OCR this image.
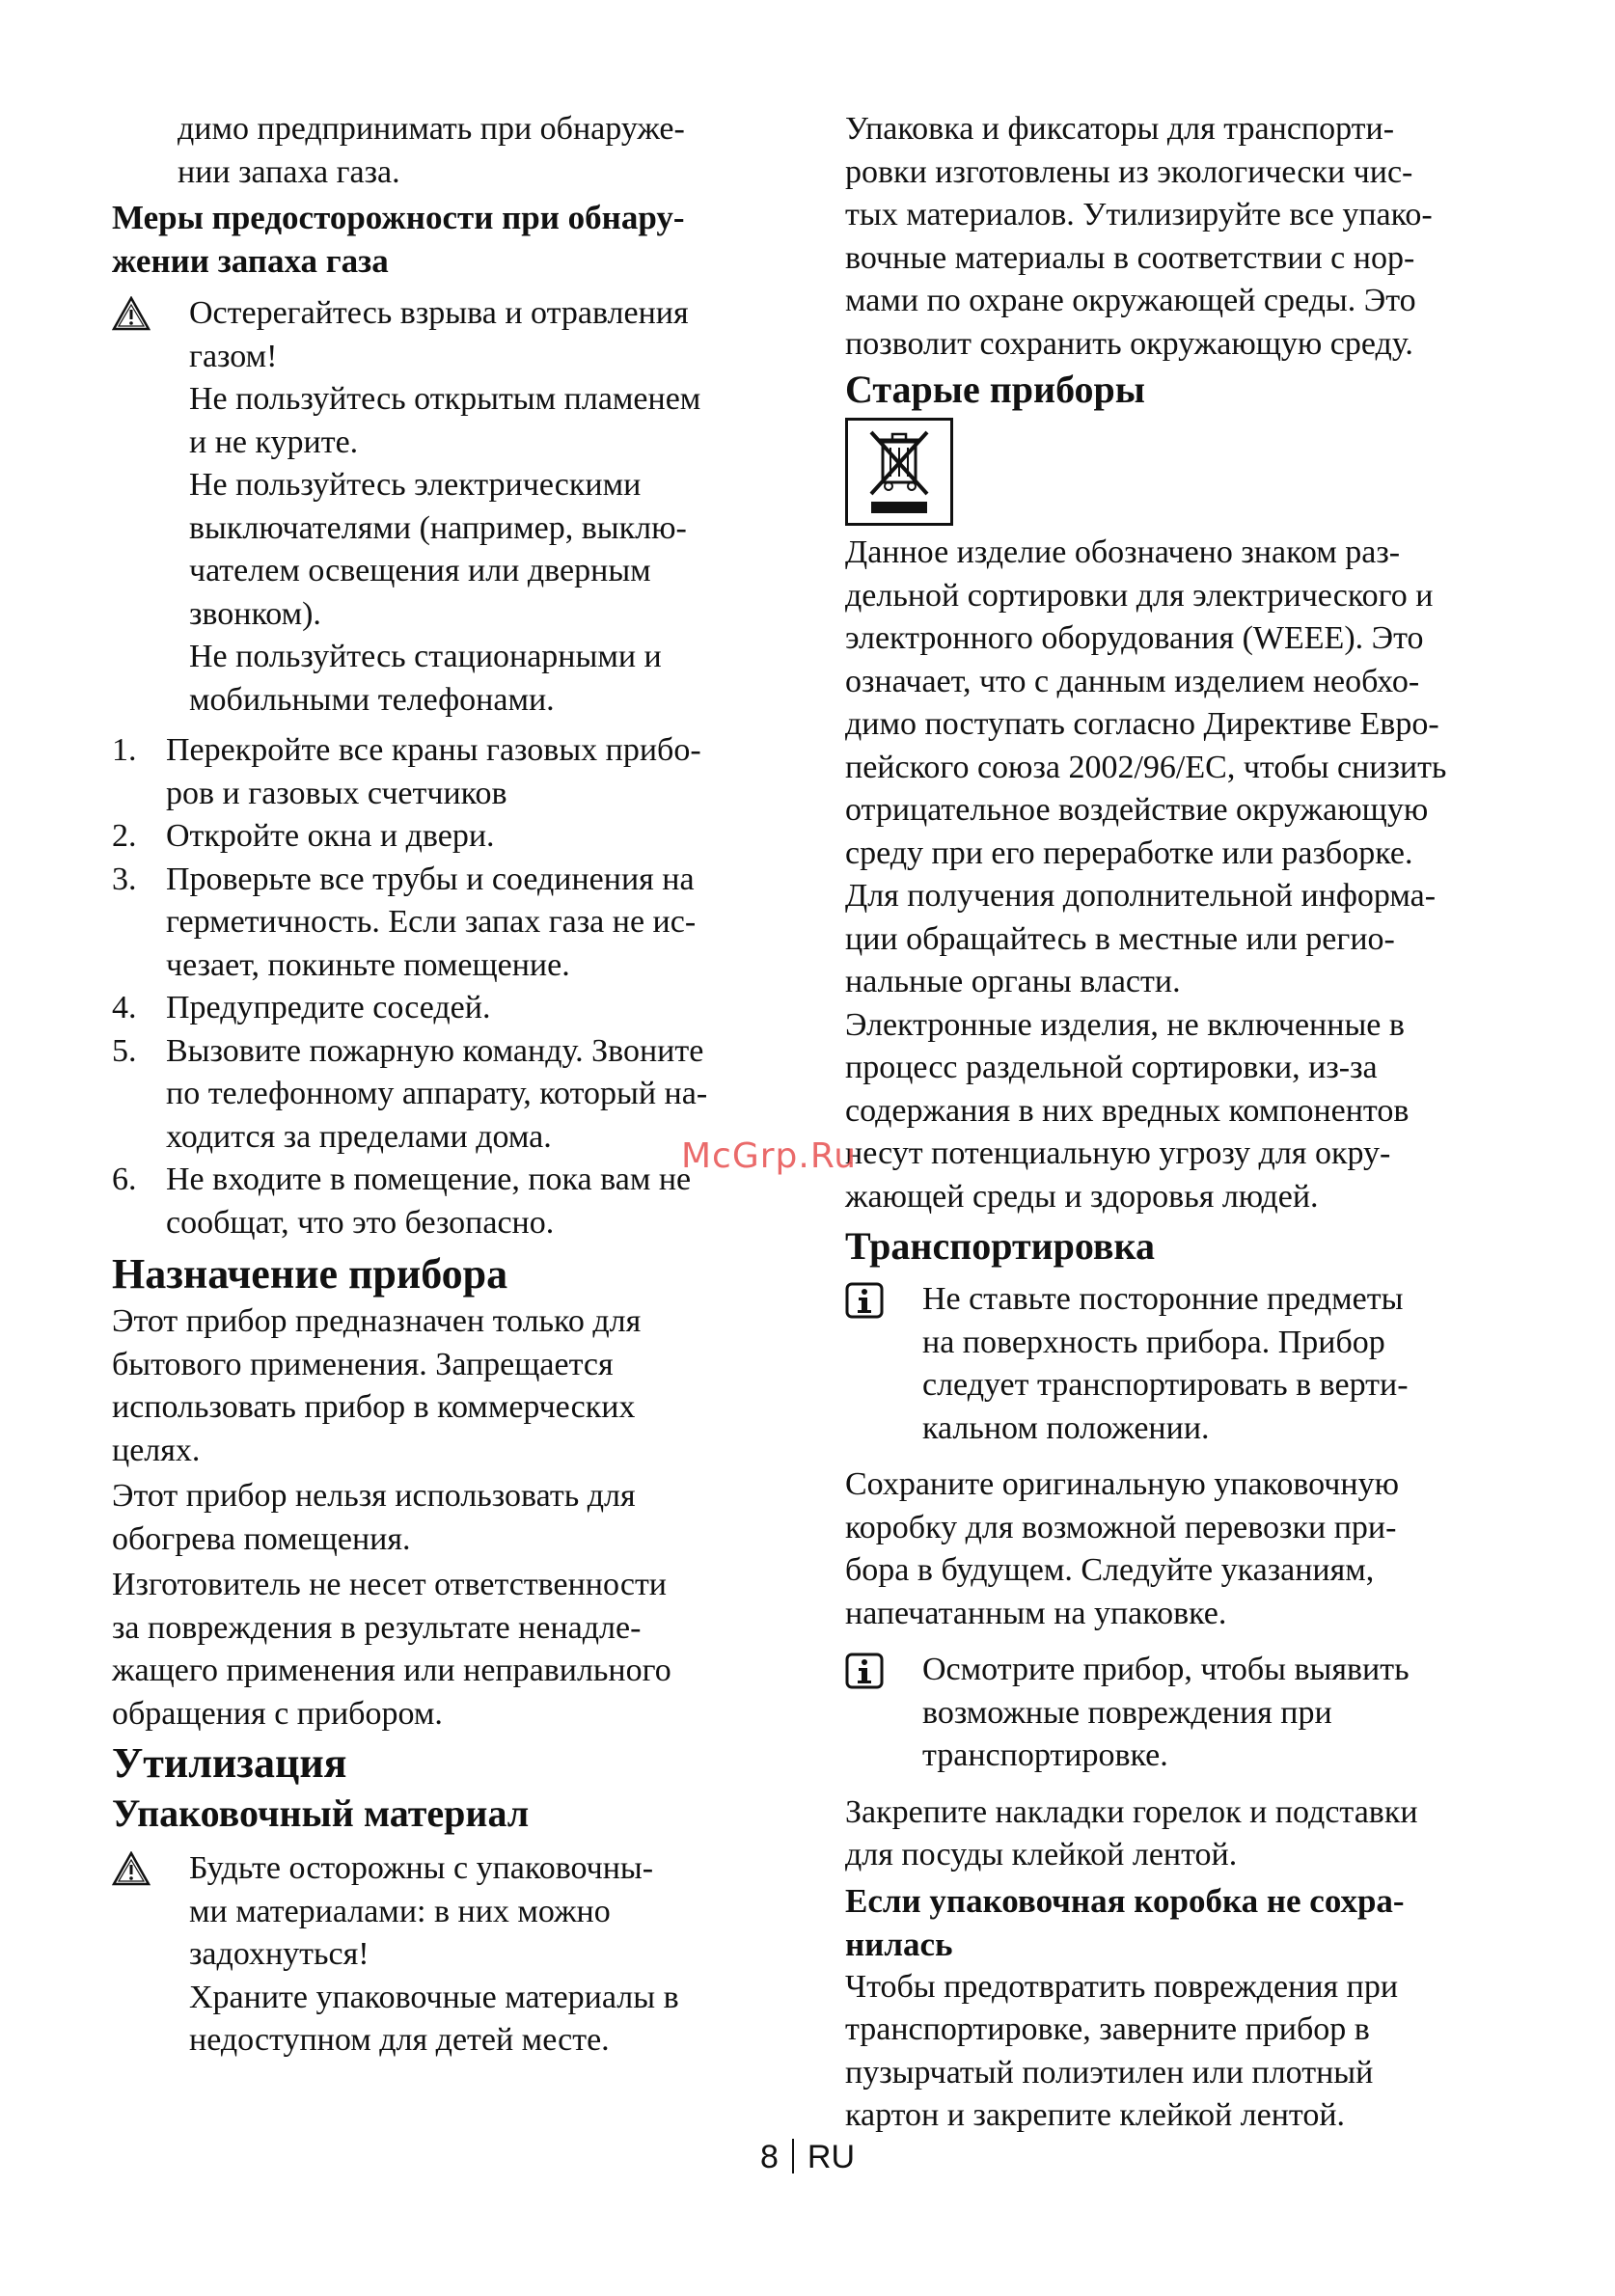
димо предпринимать при обнаруже-
нии запаха газа.

Меры предосторожности при обнару-
жении запаха газа

Остерегайтесь взрыва и отравления
газом!
Не пользуйтесь открытым пламенем
и не курите.
Не пользуйтесь электрическими
выключателями (например, выклю-
чателем освещения или дверным
звонком).
Не пользуйтесь стационарными и
мобильными телефонами.

1. Перекройте все краны газовых прибо-
ров и газовых счетчиков
2. Откройте окна и двери.
3. Проверьте все трубы и соединения на
герметичность. Если запах газа не ис-
чезает, покиньте помещение.
4. Предупредите соседей.
5. Вызовите пожарную команду. Звоните
по телефонному аппарату, который на-
ходится за пределами дома.
6. Не входите в помещение, пока вам не
сообщат, что это безопасно.

Назначение прибора

Этот прибор предназначен только для
бытового применения. Запрещается
использовать прибор в коммерческих
целях.

Этот прибор нельзя использовать для
обогрева помещения.

Изготовитель не несет ответственности
за повреждения в результате ненадле-
жащего применения или неправильного
обращения с прибором.

Утилизация

Упаковочный материал

Будьте осторожны с упаковочны-
ми материалами: в них можно
задохнуться!
Храните упаковочные материалы в
недоступном для детей месте.

Упаковка и фиксаторы для транспорти-
ровки изготовлены из экологически чис-
тых материалов. Утилизируйте все упако-
вочные материалы в соответствии с нор-
мами по охране окружающей среды. Это
позволит сохранить окружающую среду.

Старые приборы

Данное изделие обозначено знаком раз-
дельной сортировки для электрического и
электронного оборудования (WEEE). Это
означает, что с данным изделием необхо-
димо поступать согласно Директиве Евро-
пейского союза 2002/96/EC, чтобы снизить
отрицательное воздействие окружающую
среду при его переработке или разборке.
Для получения дополнительной информа-
ции обращайтесь в местные или регио-
нальные органы власти.

Электронные изделия, не включенные в
процесс раздельной сортировки, из-за
содержания в них вредных компонентов
несут потенциальную угрозу для окру-
жающей среды и здоровья людей.

Транспортировка

Не ставьте посторонние предметы
на поверхность прибора. Прибор
следует транспортировать в верти-
кальном положении.

Сохраните оригинальную упаковочную
коробку для возможной перевозки при-
бора в будущем. Следуйте указаниям,
напечатанным на упаковке.

Осмотрите прибор, чтобы выявить
возможные повреждения при
транспортировке.

Закрепите накладки горелок и подставки
для посуды клейкой лентой.

Если упаковочная коробка не сохра-
нилась

Чтобы предотвратить повреждения при
транспортировке, заверните прибор в
пузырчатый полиэтилен или плотный
картон и закрепите клейкой лентой.

McGrp.Ru
8 RU
